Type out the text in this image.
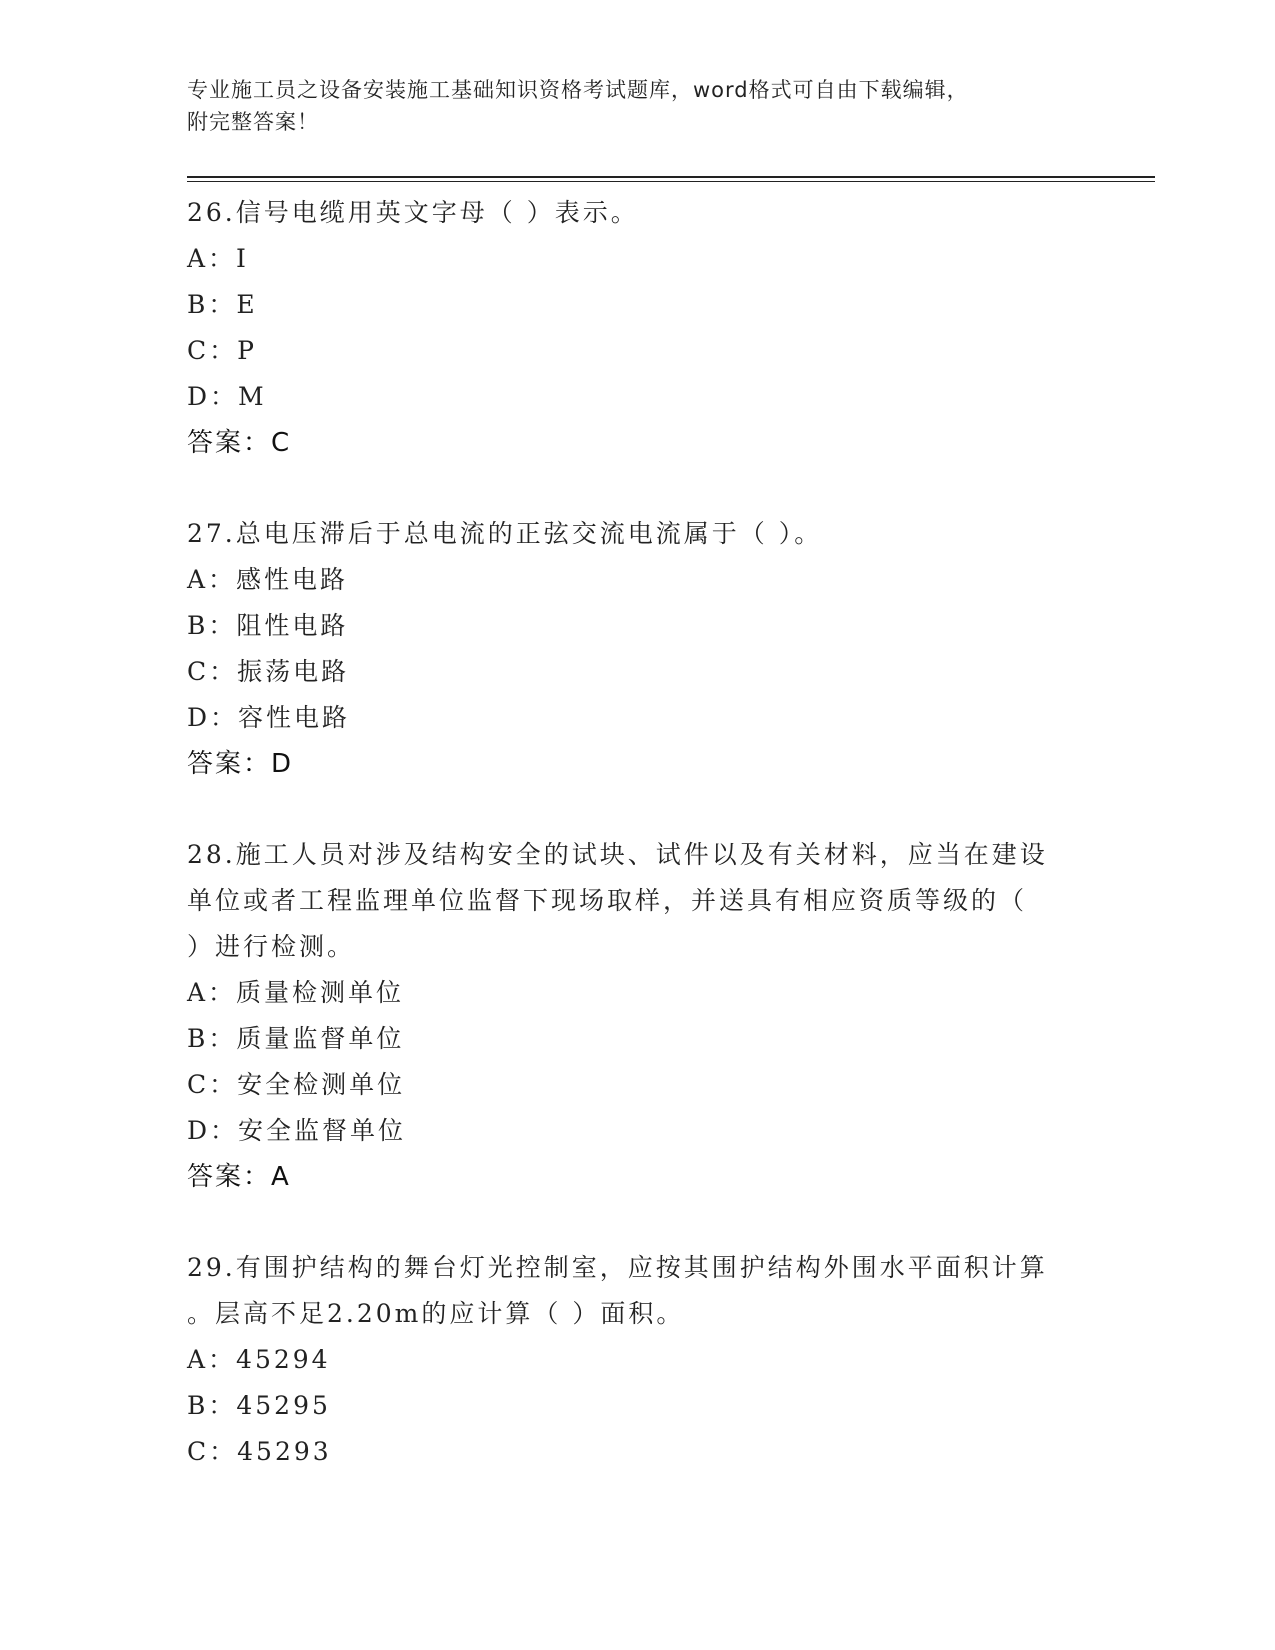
专业施工员之设备安装施工基础知识资格考试题库，word格式可自由下载编辑，
附完整答案！
26.信号电缆用英文字母（ ）表示。
A：I
B：E
C：P
D：M
答案：C
27.总电压滞后于总电流的正弦交流电流属于（ ）。
A：感性电路
B：阻性电路
C：振荡电路
D：容性电路
答案：D
28.施工人员对涉及结构安全的试块、试件以及有关材料，应当在建设
单位或者工程监理单位监督下现场取样，并送具有相应资质等级的（
）进行检测。
A：质量检测单位
B：质量监督单位
C：安全检测单位
D：安全监督单位
答案：A
29.有围护结构的舞台灯光控制室，应按其围护结构外围水平面积计算
。层高不足2.20m的应计算（ ）面积。
A：45294
B：45295
C：45293
